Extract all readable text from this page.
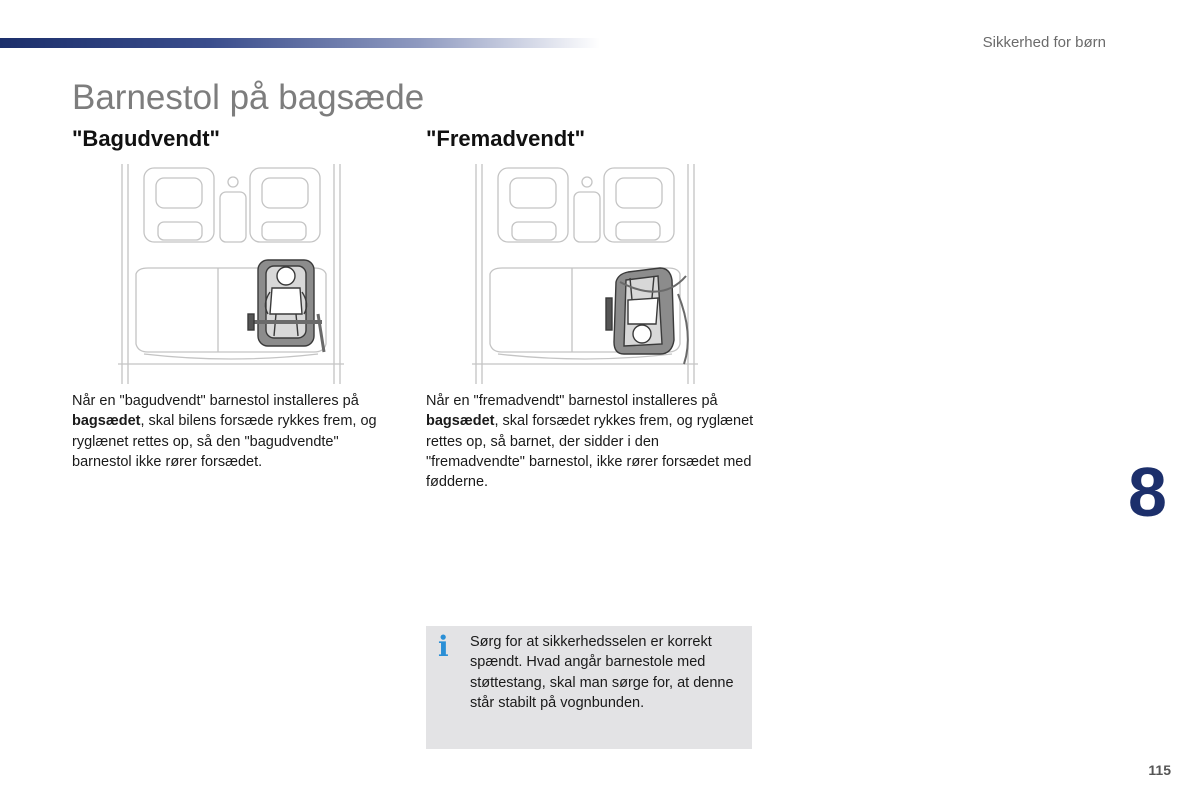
Sikkerhed for børn
Barnestol på bagsæde
"Bagudvendt"	"Fremadvendt"
Når en "bagudvendt" barnestol installeres på bagsædet, skal bilens forsæde rykkes frem, og ryglænet rettes op, så den "bagudvendte" barnestol ikke rører forsædet.
Når en "fremadvendt" barnestol installeres på bagsædet, skal forsædet rykkes frem, og ryglænet rettes op, så barnet, der sidder i den "fremadvendte" barnestol, ikke rører forsædet med fødderne.	8
i Sørg for at sikkerhedsselen er korrekt spændt. Hvad angår barnestole med støttestang, skal man sørge for, at denne står stabilt på vognbunden.
115
